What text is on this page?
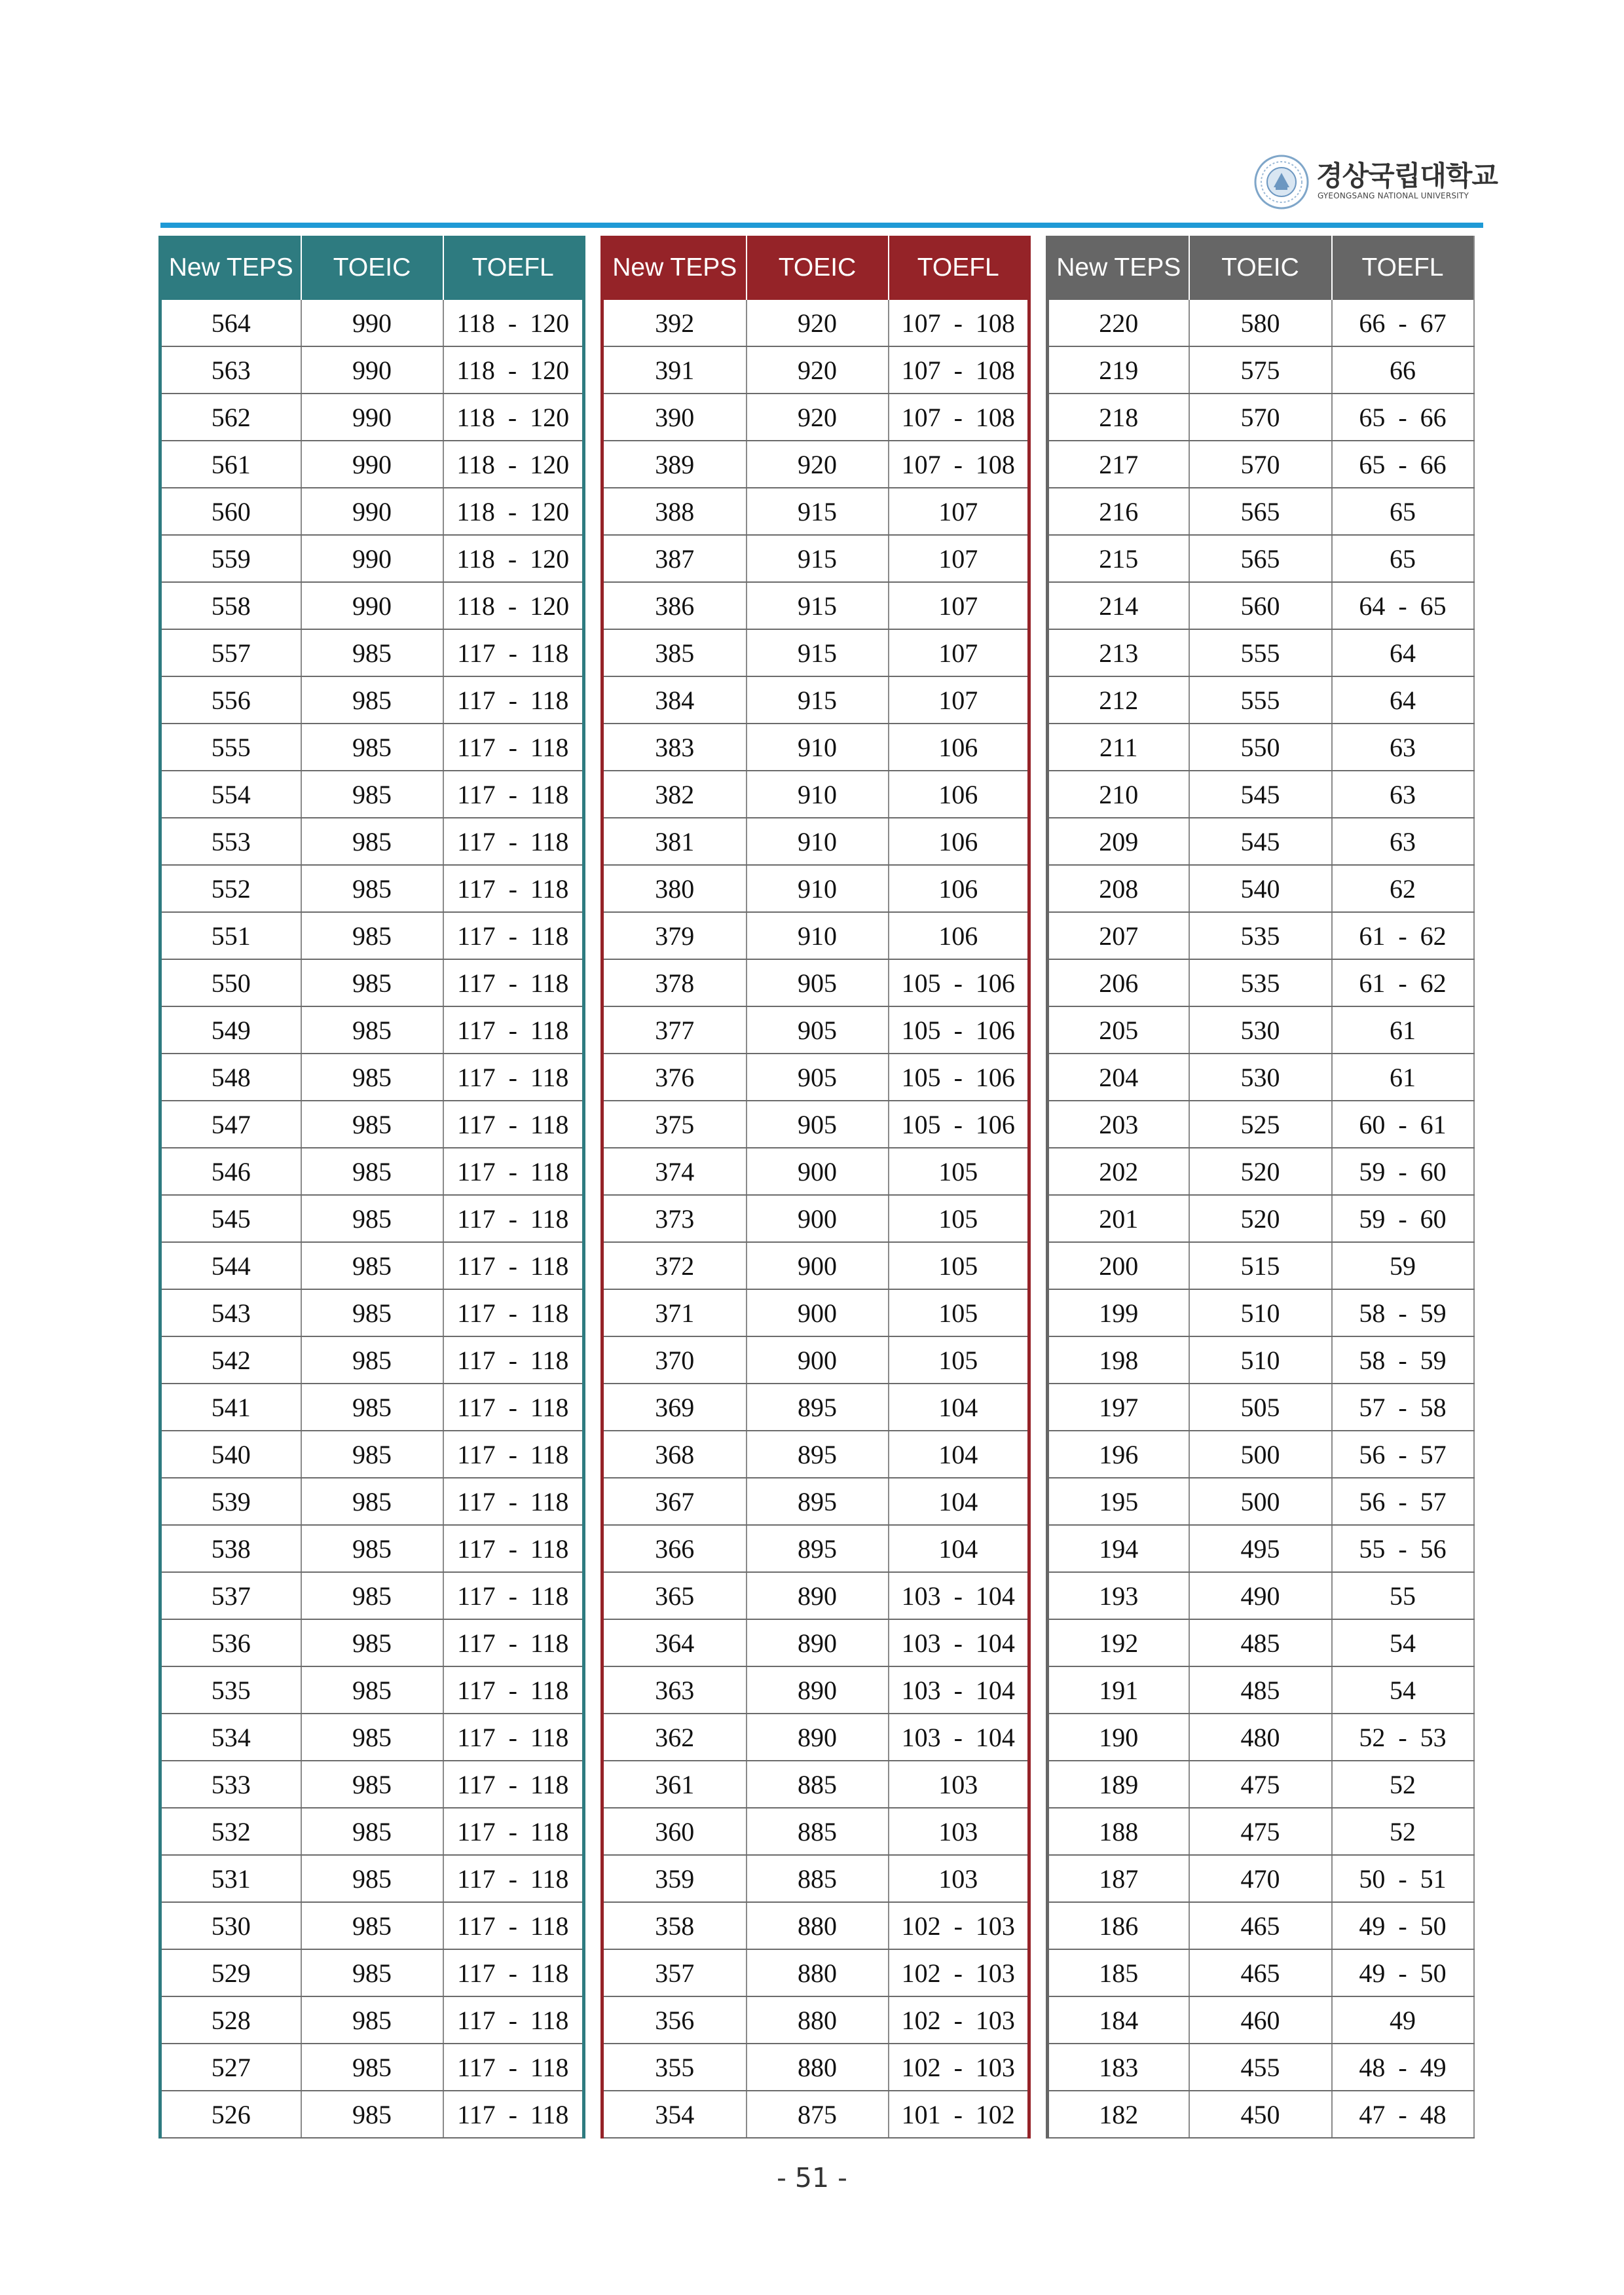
경상국립대학교
GYEONGSANG NATIONAL UNIVERSITY
New TEPS	TOEIC	TOEFL
564	990	118  -  120
563	990	118  -  120
562	990	118  -  120
561	990	118  -  120
560	990	118  -  120
559	990	118  -  120
558	990	118  -  120
557	985	117  -  118
556	985	117  -  118
555	985	117  -  118
554	985	117  -  118
553	985	117  -  118
552	985	117  -  118
551	985	117  -  118
550	985	117  -  118
549	985	117  -  118
548	985	117  -  118
547	985	117  -  118
546	985	117  -  118
545	985	117  -  118
544	985	117  -  118
543	985	117  -  118
542	985	117  -  118
541	985	117  -  118
540	985	117  -  118
539	985	117  -  118
538	985	117  -  118
537	985	117  -  118
536	985	117  -  118
535	985	117  -  118
534	985	117  -  118
533	985	117  -  118
532	985	117  -  118
531	985	117  -  118
530	985	117  -  118
529	985	117  -  118
528	985	117  -  118
527	985	117  -  118
526	985	117  -  118
New TEPS	TOEIC	TOEFL
392	920	107  -  108
391	920	107  -  108
390	920	107  -  108
389	920	107  -  108
388	915	107
387	915	107
386	915	107
385	915	107
384	915	107
383	910	106
382	910	106
381	910	106
380	910	106
379	910	106
378	905	105  -  106
377	905	105  -  106
376	905	105  -  106
375	905	105  -  106
374	900	105
373	900	105
372	900	105
371	900	105
370	900	105
369	895	104
368	895	104
367	895	104
366	895	104
365	890	103  -  104
364	890	103  -  104
363	890	103  -  104
362	890	103  -  104
361	885	103
360	885	103
359	885	103
358	880	102  -  103
357	880	102  -  103
356	880	102  -  103
355	880	102  -  103
354	875	101  -  102
New TEPS	TOEIC	TOEFL
220	580	66  -  67
219	575	66
218	570	65  -  66
217	570	65  -  66
216	565	65
215	565	65
214	560	64  -  65
213	555	64
212	555	64
211	550	63
210	545	63
209	545	63
208	540	62
207	535	61  -  62
206	535	61  -  62
205	530	61
204	530	61
203	525	60  -  61
202	520	59  -  60
201	520	59  -  60
200	515	59
199	510	58  -  59
198	510	58  -  59
197	505	57  -  58
196	500	56  -  57
195	500	56  -  57
194	495	55  -  56
193	490	55
192	485	54
191	485	54
190	480	52  -  53
189	475	52
188	475	52
187	470	50  -  51
186	465	49  -  50
185	465	49  -  50
184	460	49
183	455	48  -  49
182	450	47  -  48
- 51 -
